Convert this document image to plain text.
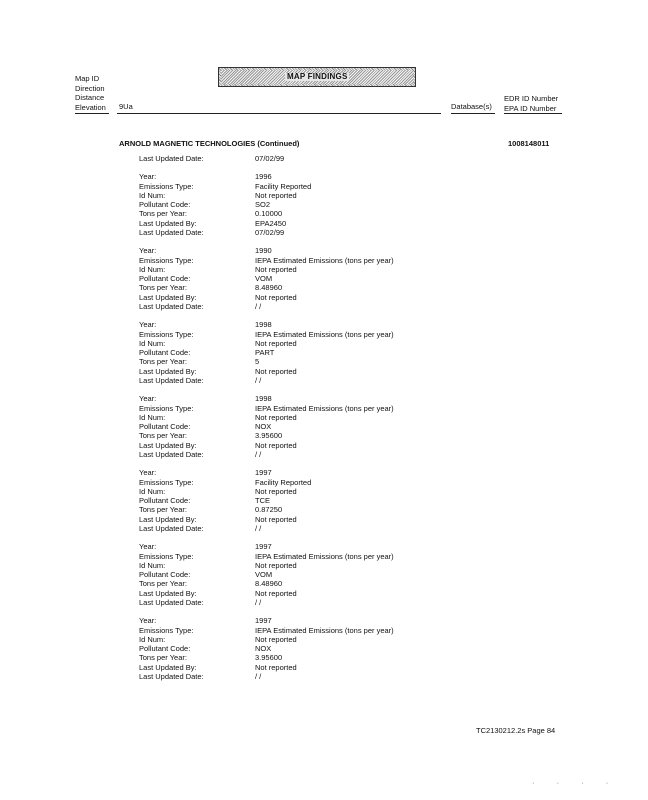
Map ID
Direction
Distance
Elevation 9Ua
MAP FINDINGS
EDR ID Number
EPA ID Number
Database(s)
ARNOLD MAGNETIC TECHNOLOGIES (Continued)	1008148011
Last Updated Date:	07/02/99
Year:	1996
Emissions Type:	Facility Reported
Id Num:	Not reported
Pollutant Code:	SO2
Tons per Year:	0.10000
Last Updated By:	EPA2450
Last Updated Date:	07/02/99
Year:	1990
Emissions Type:	IEPA Estimated Emissions (tons per year)
Id Num:	Not reported
Pollutant Code:	VOM
Tons per Year:	8.48960
Last Updated By:	Not reported
Last Updated Date:	/ /
Year:	1998
Emissions Type:	IEPA Estimated Emissions (tons per year)
Id Num:	Not reported
Pollutant Code:	PART
Tons per Year:	5
Last Updated By:	Not reported
Last Updated Date:	/ /
Year:	1998
Emissions Type:	IEPA Estimated Emissions (tons per year)
Id Num:	Not reported
Pollutant Code:	NOX
Tons per Year:	3.95600
Last Updated By:	Not reported
Last Updated Date:	/ /
Year:	1997
Emissions Type:	Facility Reported
Id Num:	Not reported
Pollutant Code:	TCE
Tons per Year:	0.87250
Last Updated By:	Not reported
Last Updated Date:	/ /
Year:	1997
Emissions Type:	IEPA Estimated Emissions (tons per year)
Id Num:	Not reported
Pollutant Code:	VOM
Tons per Year:	8.48960
Last Updated By:	Not reported
Last Updated Date:	/ /
Year:	1997
Emissions Type:	IEPA Estimated Emissions (tons per year)
Id Num:	Not reported
Pollutant Code:	NOX
Tons per Year:	3.95600
Last Updated By:	Not reported
Last Updated Date:	/ /
TC2130212.2s Page 84
· · · ·
